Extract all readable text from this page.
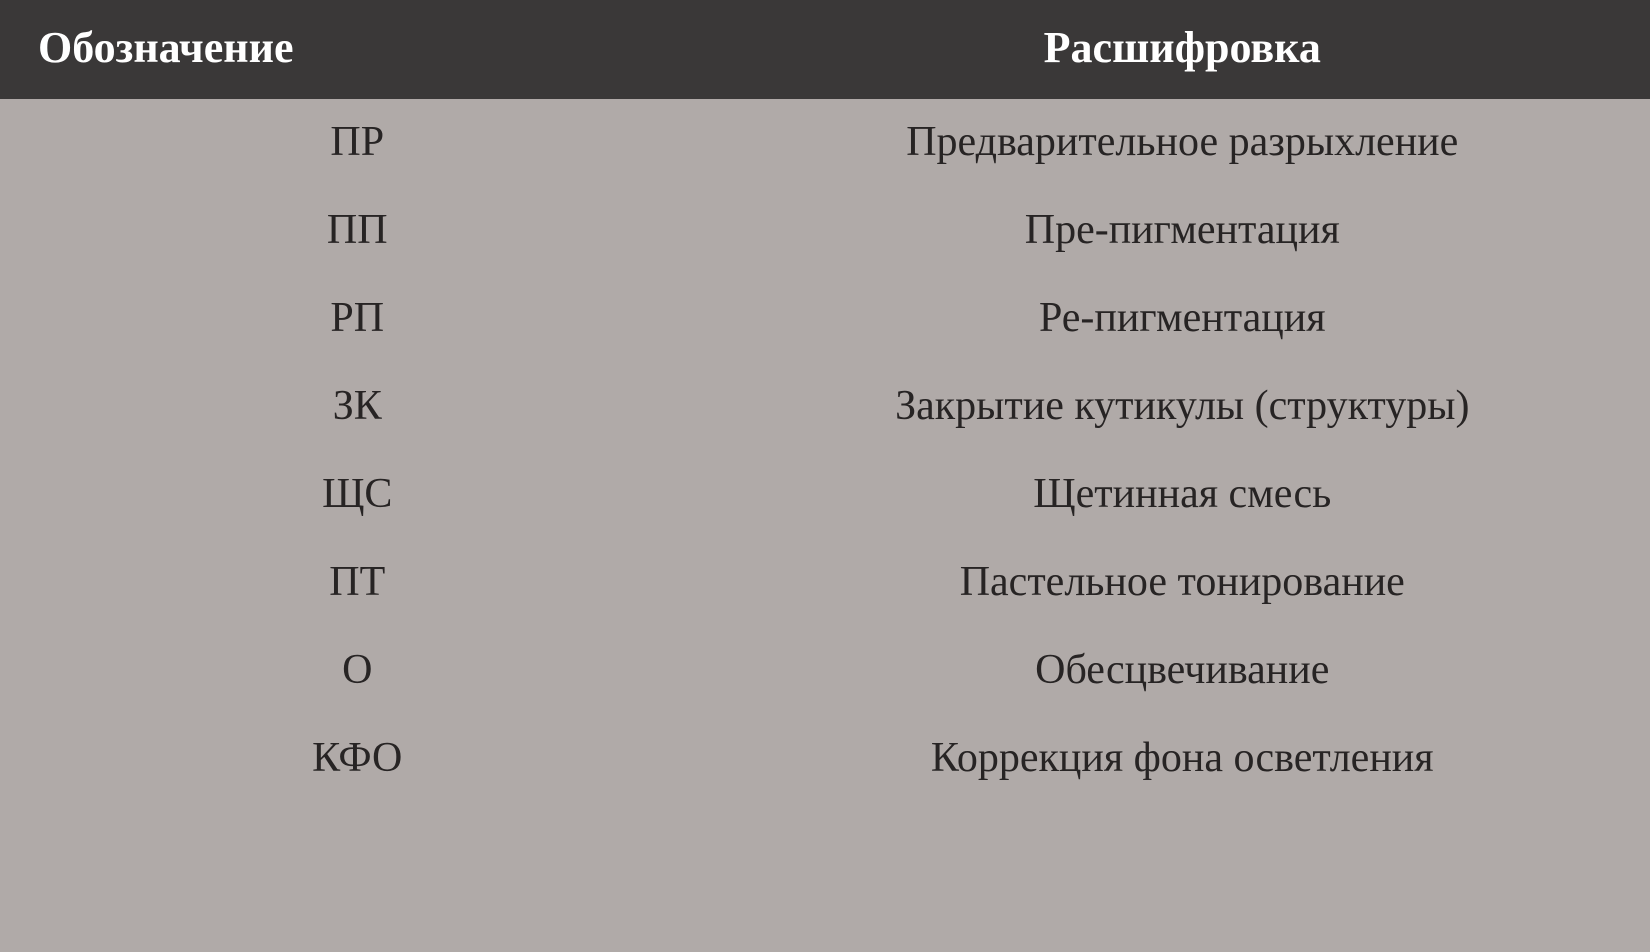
Обозначение	Расшифровка
ПР	Предварительное разрыхление
ПП	Пре-пигментация
РП	Ре-пигментация
ЗК	Закрытие кутикулы (структуры)
ЩС	Щетинная смесь
ПТ	Пастельное тонирование
О	Обесцвечивание
КФО	Коррекция фона осветления
